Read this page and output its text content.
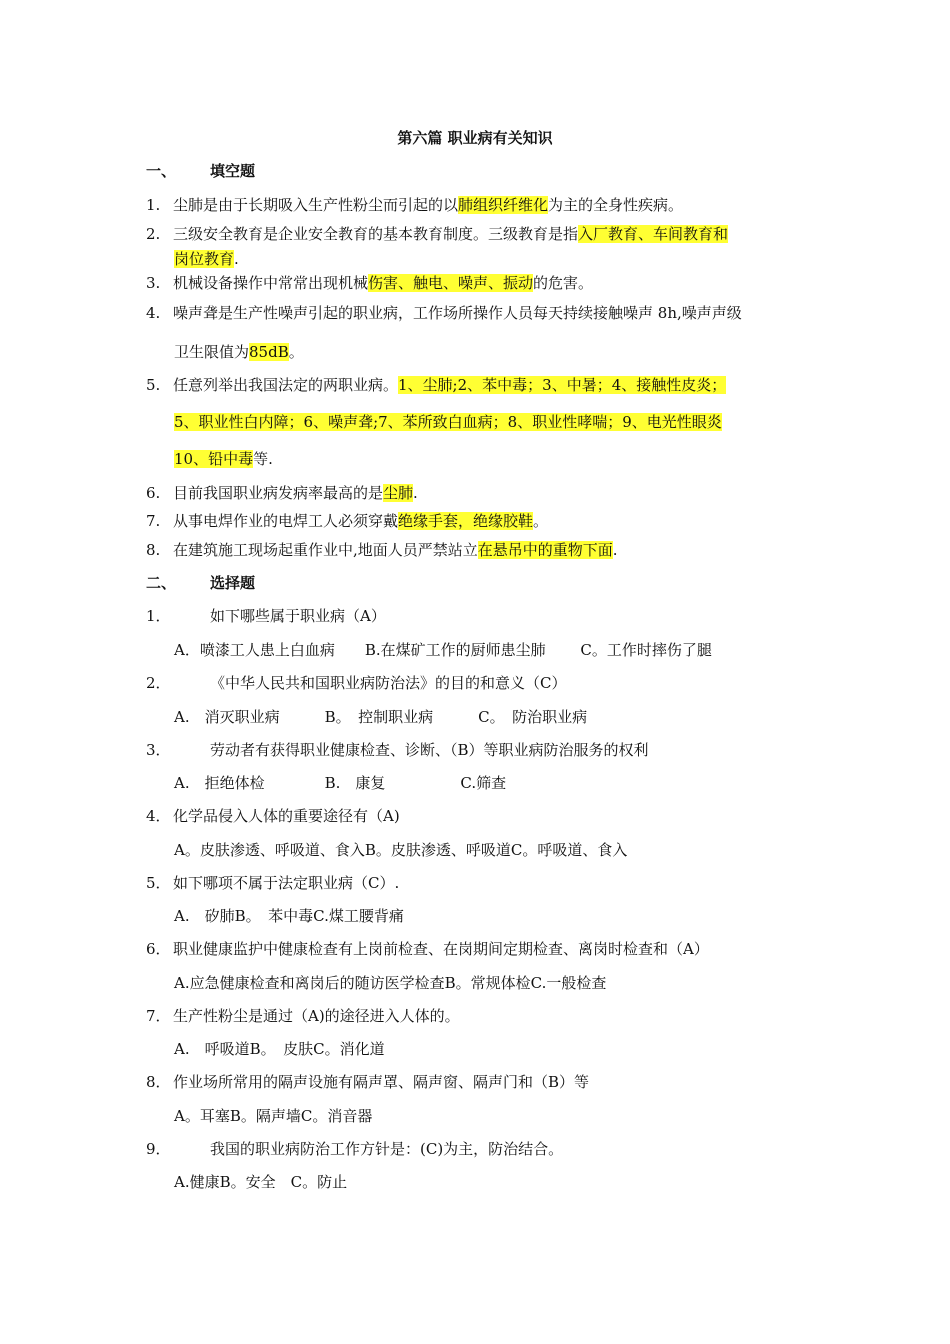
第六篇 职业病有关知识
一、 填空题
1. 尘肺是由于长期吸入生产性粉尘而引起的以肺组织纤维化为主的全身性疾病。
2. 三级安全教育是企业安全教育的基本教育制度。三级教育是指入厂教育、车间教育和
岗位教育.
3. 机械设备操作中常常出现机械伤害、触电、噪声、振动的危害。
4. 噪声聋是生产性噪声引起的职业病，工作场所操作人员每天持续接触噪声 8h,噪声声级
卫生限值为85dB。
5. 任意列举出我国法定的两职业病。1、尘肺;2、苯中毒；3、中暑；4、接触性皮炎；
5、职业性白内障；6、噪声聋;7、苯所致白血病；8、职业性哮喘；9、电光性眼炎
10、铅中毒等.
6. 目前我国职业病发病率最高的是尘肺.
7. 从事电焊作业的电焊工人必须穿戴绝缘手套，绝缘胶鞋。
8. 在建筑施工现场起重作业中,地面人员严禁站立在悬吊中的重物下面.
二、 选择题
1．	如下哪些属于职业病（A）
A．喷漆工人患上白血病　　B.在煤矿工作的厨师患尘肺　　 C。工作时摔伤了腿
2．	《中华人民共和国职业病防治法》的目的和意义（C）
A.　消灭职业病　　　B。　控制职业病　　　C。　防治职业病
3．	劳动者有获得职业健康检查、诊断、（B）等职业病防治服务的权利
A.　拒绝体检　　　　B.　康复　　　　　C.筛查
4． 化学品侵入人体的重要途径有（A)
A。皮肤渗透、呼吸道、食入B。皮肤渗透、呼吸道C。呼吸道、食入
5． 如下哪项不属于法定职业病（C）.
A.　矽肺B。　苯中毒C.煤工腰背痛
6． 职业健康监护中健康检查有上岗前检查、在岗期间定期检查、离岗时检查和（A）
A.应急健康检查和离岗后的随访医学检查B。常规体检C.一般检查
7． 生产性粉尘是通过（A)的途径进入人体的。
A.　呼吸道B。　皮肤C。消化道
8． 作业场所常用的隔声设施有隔声罩、隔声窗、隔声门和（B）等
A。耳塞B。隔声墙C。消音器
9．	我国的职业病防治工作方针是：(C)为主，防治结合。
A.健康B。安全　C。防止
